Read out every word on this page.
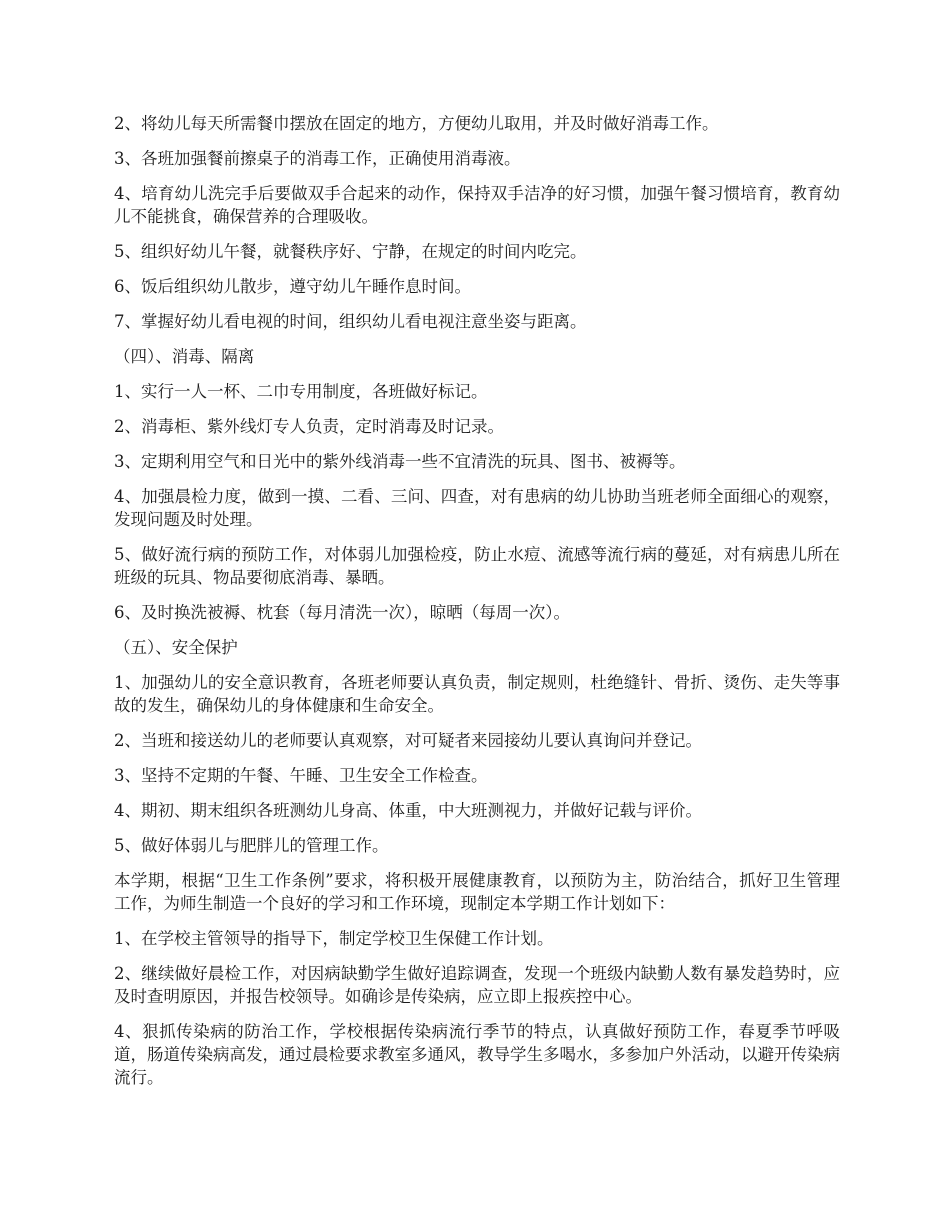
2、将幼儿每天所需餐巾摆放在固定的地方，方便幼儿取用，并及时做好消毒工作。

3、各班加强餐前擦桌子的消毒工作，正确使用消毒液。

4、培育幼儿洗完手后要做双手合起来的动作，保持双手洁净的好习惯，加强午餐习惯培育，教育幼儿不能挑食，确保营养的合理吸收。

5、组织好幼儿午餐，就餐秩序好、宁静，在规定的时间内吃完。

6、饭后组织幼儿散步，遵守幼儿午睡作息时间。

7、掌握好幼儿看电视的时间，组织幼儿看电视注意坐姿与距离。

（四）、消毒、隔离

1、实行一人一杯、二巾专用制度，各班做好标记。

2、消毒柜、紫外线灯专人负责，定时消毒及时记录。

3、定期利用空气和日光中的紫外线消毒一些不宜清洗的玩具、图书、被褥等。

4、加强晨检力度，做到一摸、二看、三问、四查，对有患病的幼儿协助当班老师全面细心的观察，发现问题及时处理。

5、做好流行病的预防工作，对体弱儿加强检疫，防止水痘、流感等流行病的蔓延，对有病患儿所在班级的玩具、物品要彻底消毒、暴晒。

6、及时换洗被褥、枕套（每月清洗一次），晾晒（每周一次）。

（五）、安全保护

1、加强幼儿的安全意识教育，各班老师要认真负责，制定规则，杜绝缝针、骨折、烫伤、走失等事故的发生，确保幼儿的身体健康和生命安全。

2、当班和接送幼儿的老师要认真观察，对可疑者来园接幼儿要认真询问并登记。

3、坚持不定期的午餐、午睡、卫生安全工作检查。

4、期初、期末组织各班测幼儿身高、体重，中大班测视力，并做好记载与评价。

5、做好体弱儿与肥胖儿的管理工作。

本学期，根据“卫生工作条例”要求，将积极开展健康教育，以预防为主，防治结合，抓好卫生管理工作，为师生制造一个良好的学习和工作环境，现制定本学期工作计划如下：

1、在学校主管领导的指导下，制定学校卫生保健工作计划。

2、继续做好晨检工作，对因病缺勤学生做好追踪调查，发现一个班级内缺勤人数有暴发趋势时，应及时查明原因，并报告校领导。如确诊是传染病，应立即上报疾控中心。

4、狠抓传染病的防治工作，学校根据传染病流行季节的特点，认真做好预防工作，春夏季节呼吸道，肠道传染病高发，通过晨检要求教室多通风，教导学生多喝水，多参加户外活动，以避开传染病流行。
